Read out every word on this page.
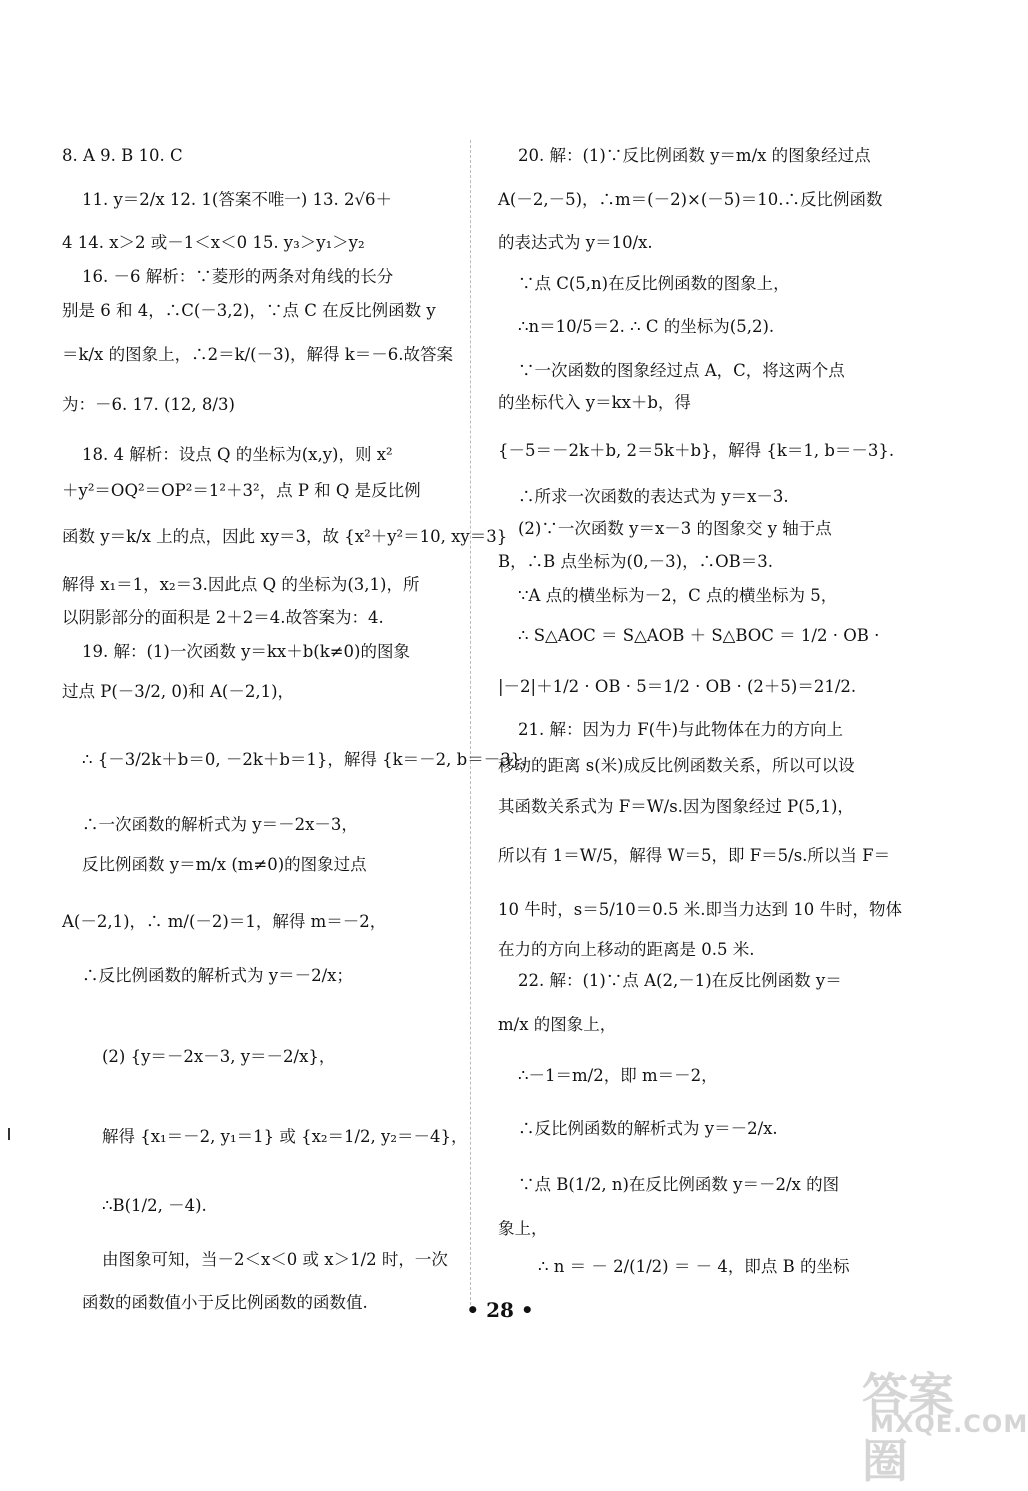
8. A 9. B 10. C
11. y＝2/x 12. 1(答案不唯一) 13. 2√6＋
4 14. x＞2 或－1＜x＜0 15. y₃＞y₁＞y₂
16. －6 解析：∵菱形的两条对角线的长分
别是 6 和 4，∴C(－3,2)，∵点 C 在反比例函数 y
＝k/x 的图象上，∴2＝k/(－3)，解得 k＝－6.故答案
为：－6. 17. (12, 8/3)
18. 4 解析：设点 Q 的坐标为(x,y)，则 x²
＋y²＝OQ²＝OP²＝1²＋3²，点 P 和 Q 是反比例
函数 y＝k/x 上的点，因此 xy＝3，故 {x²＋y²＝10, xy＝3}
解得 x₁＝1，x₂＝3.因此点 Q 的坐标为(3,1)，所
以阴影部分的面积是 2＋2＝4.故答案为：4.
19. 解：(1)一次函数 y＝kx＋b(k≠0)的图象
过点 P(－3/2, 0)和 A(－2,1)，
∴ {－3/2k＋b＝0, －2k＋b＝1}，解得 {k＝－2, b＝－3}，
∴一次函数的解析式为 y＝－2x－3，
反比例函数 y＝m/x (m≠0)的图象过点
A(－2,1)，∴ m/(－2)＝1，解得 m＝－2，
∴反比例函数的解析式为 y＝－2/x；
(2) {y＝－2x－3, y＝－2/x}，
解得 {x₁＝－2, y₁＝1} 或 {x₂＝1/2, y₂＝－4}，
∴B(1/2, －4).
由图象可知，当－2＜x＜0 或 x＞1/2 时，一次
函数的函数值小于反比例函数的函数值.
20. 解：(1)∵反比例函数 y＝m/x 的图象经过点
A(－2,－5)，∴m＝(－2)×(－5)＝10.∴反比例函数
的表达式为 y＝10/x.
∵点 C(5,n)在反比例函数的图象上，
∴n＝10/5＝2. ∴ C 的坐标为(5,2).
∵一次函数的图象经过点 A，C，将这两个点
的坐标代入 y＝kx＋b，得
{－5＝－2k＋b, 2＝5k＋b}，解得 {k＝1, b＝－3}.
∴所求一次函数的表达式为 y＝x－3.
(2)∵一次函数 y＝x－3 的图象交 y 轴于点
B，∴B 点坐标为(0,－3)，∴OB＝3.
∵A 点的横坐标为－2，C 点的横坐标为 5，
∴ S△AOC ＝ S△AOB ＋ S△BOC ＝ 1/2 · OB ·
|－2|＋1/2 · OB · 5＝1/2 · OB · (2＋5)＝21/2.
21. 解：因为力 F(牛)与此物体在力的方向上
移动的距离 s(米)成反比例函数关系，所以可以设
其函数关系式为 F＝W/s.因为图象经过 P(5,1)，
所以有 1＝W/5，解得 W＝5，即 F＝5/s.所以当 F＝
10 牛时，s＝5/10＝0.5 米.即当力达到 10 牛时，物体
在力的方向上移动的距离是 0.5 米.
22. 解：(1)∵点 A(2,－1)在反比例函数 y＝
m/x 的图象上，
∴－1＝m/2，即 m＝－2，
∴反比例函数的解析式为 y＝－2/x.
∵点 B(1/2, n)在反比例函数 y＝－2/x 的图
象上，
∴ n ＝ － 2/(1/2) ＝ － 4，即点 B 的坐标
• 28 •
答案圈
MXQE.COM
